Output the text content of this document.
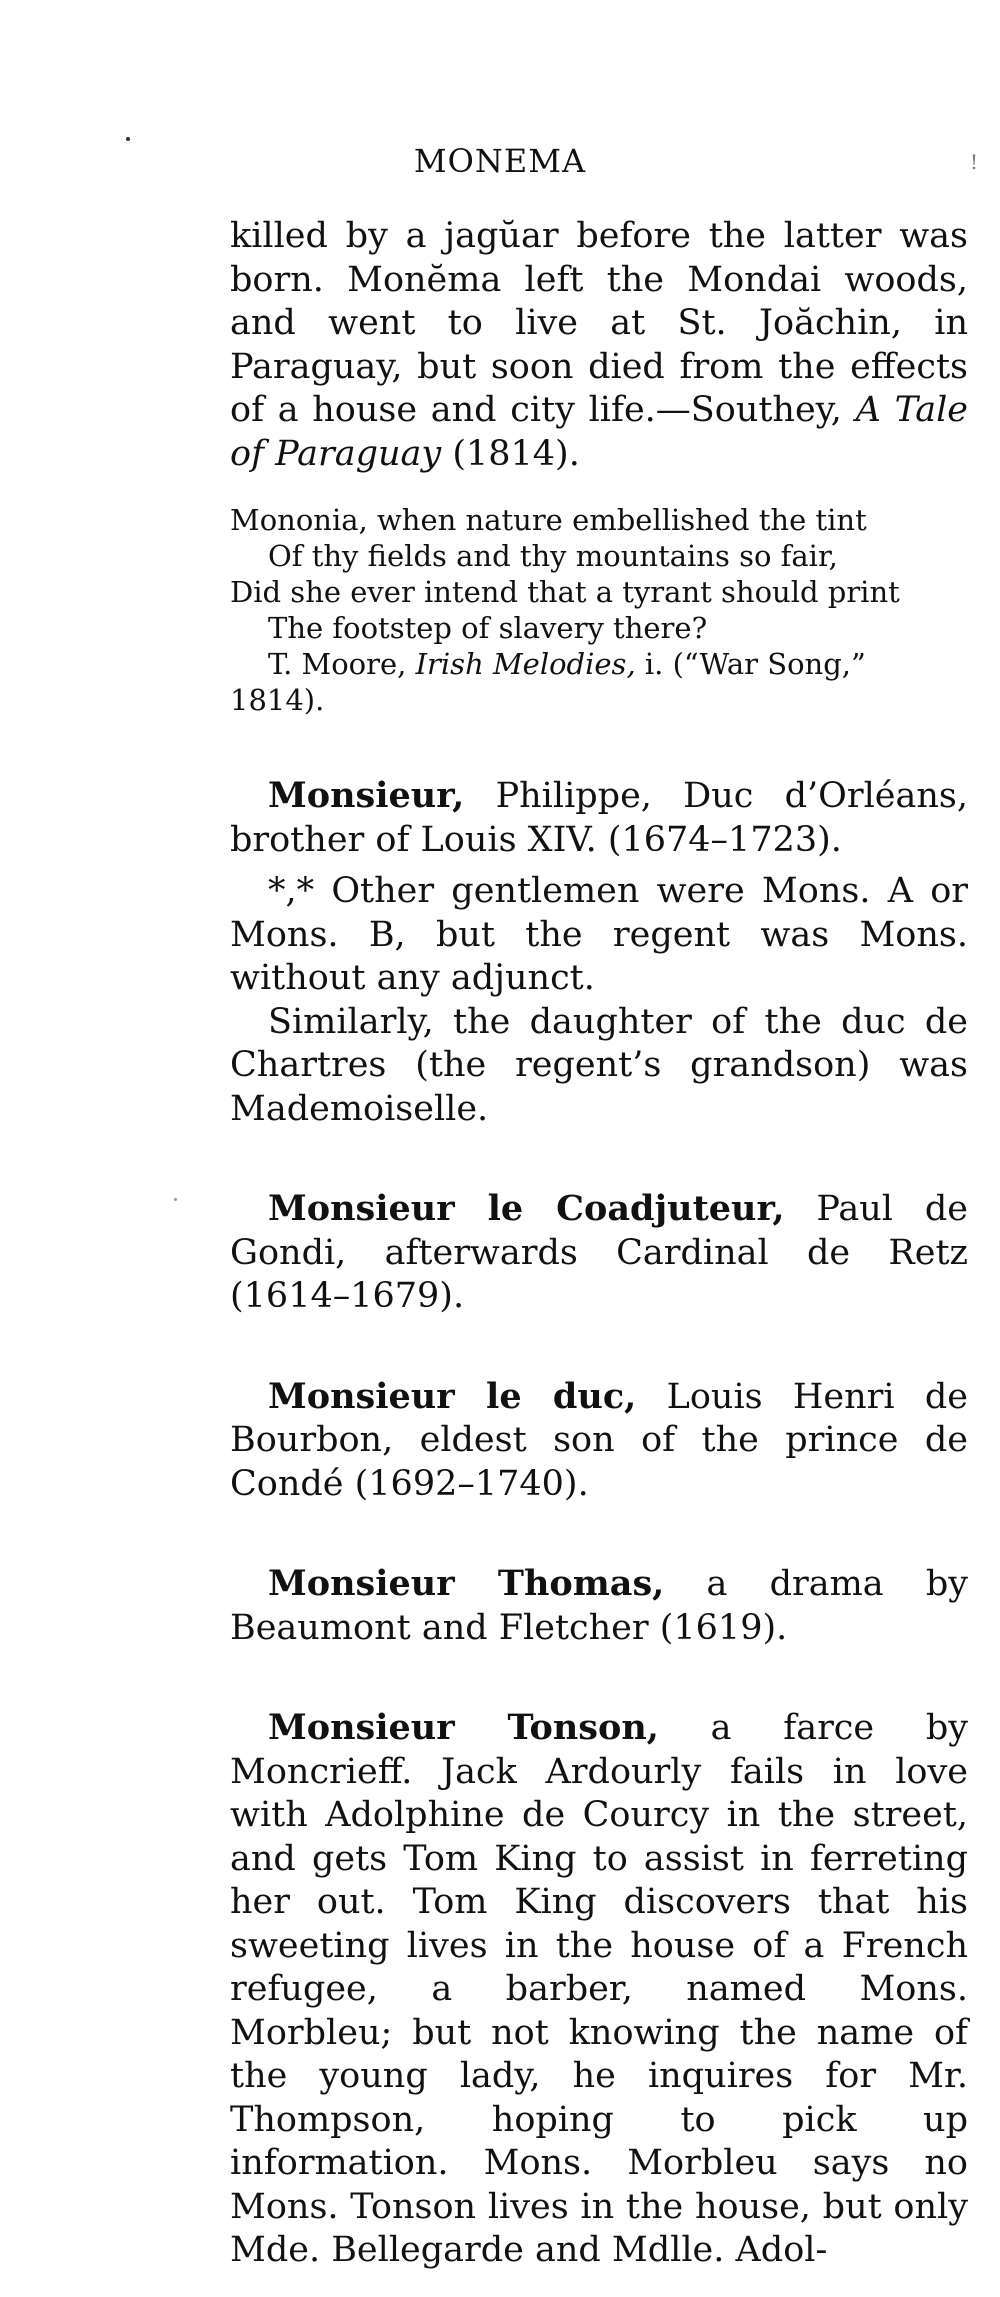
MONEMA	!

killed by a jagŭar before the latter was born. Monĕma left the Mondai woods, and went to live at St. Joăchin, in Paraguay, but soon died from the effects of a house and city life.—Southey, A Tale of Paraguay (1814).

Mononia, when nature embellished the tint
Of thy fields and thy mountains so fair,
Did she ever intend that a tyrant should print
The footstep of slavery there?
T. Moore, Irish Melodies, i. (“War Song,”
1814).

Monsieur, Philippe, Duc d’Orléans, brother of Louis XIV. (1674–1723).

*,* Other gentlemen were Mons. A or Mons. B, but the regent was Mons. without any adjunct.

Similarly, the daughter of the duc de Chartres (the regent’s grandson) was Mademoiselle.

Monsieur le Coadjuteur, Paul de Gondi, afterwards Cardinal de Retz (1614–1679).

Monsieur le duc, Louis Henri de Bourbon, eldest son of the prince de Condé (1692–1740).

Monsieur Thomas, a drama by Beaumont and Fletcher (1619).

Monsieur Tonson, a farce by Moncrieff. Jack Ardourly fails in love with Adolphine de Courcy in the street, and gets Tom King to assist in ferreting her out. Tom King discovers that his sweeting lives in the house of a French refugee, a barber, named Mons. Morbleu; but not knowing the name of the young lady, he inquires for Mr. Thompson, hoping to pick up information. Mons. Morbleu says no Mons. Tonson lives in the house, but only Mde. Bellegarde and Mdlle. Adol-
